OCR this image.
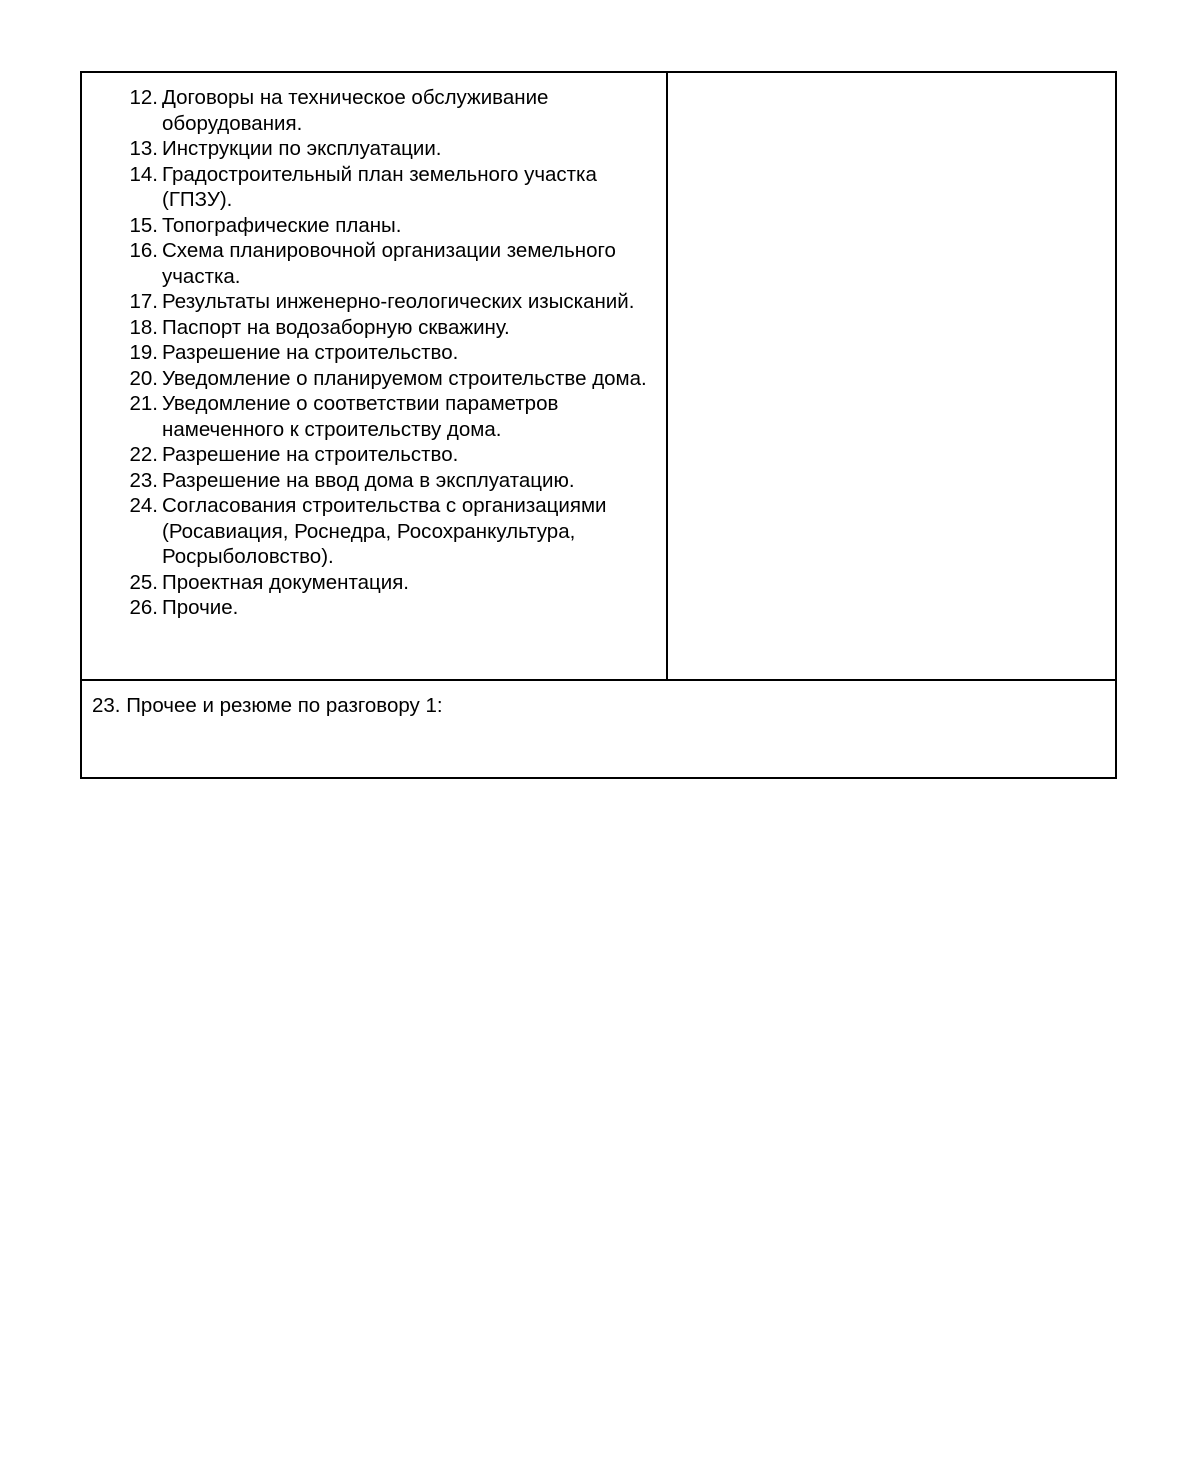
12. Договоры на техническое обслуживание оборудования.
13. Инструкции по эксплуатации.
14. Градостроительный план земельного участка (ГПЗУ).
15. Топографические планы.
16. Схема планировочной организации земельного участка.
17. Результаты инженерно-геологических изысканий.
18. Паспорт на водозаборную скважину.
19. Разрешение на строительство.
20. Уведомление о планируемом строительстве дома.
21. Уведомление о соответствии параметров намеченного к строительству дома.
22. Разрешение на строительство.
23. Разрешение на ввод дома в эксплуатацию.
24. Согласования строительства с организациями (Росавиация, Роснедра, Росохранкультура, Росрыболовство).
25. Проектная документация.
26. Прочие.

23. Прочее и резюме по разговору 1:
